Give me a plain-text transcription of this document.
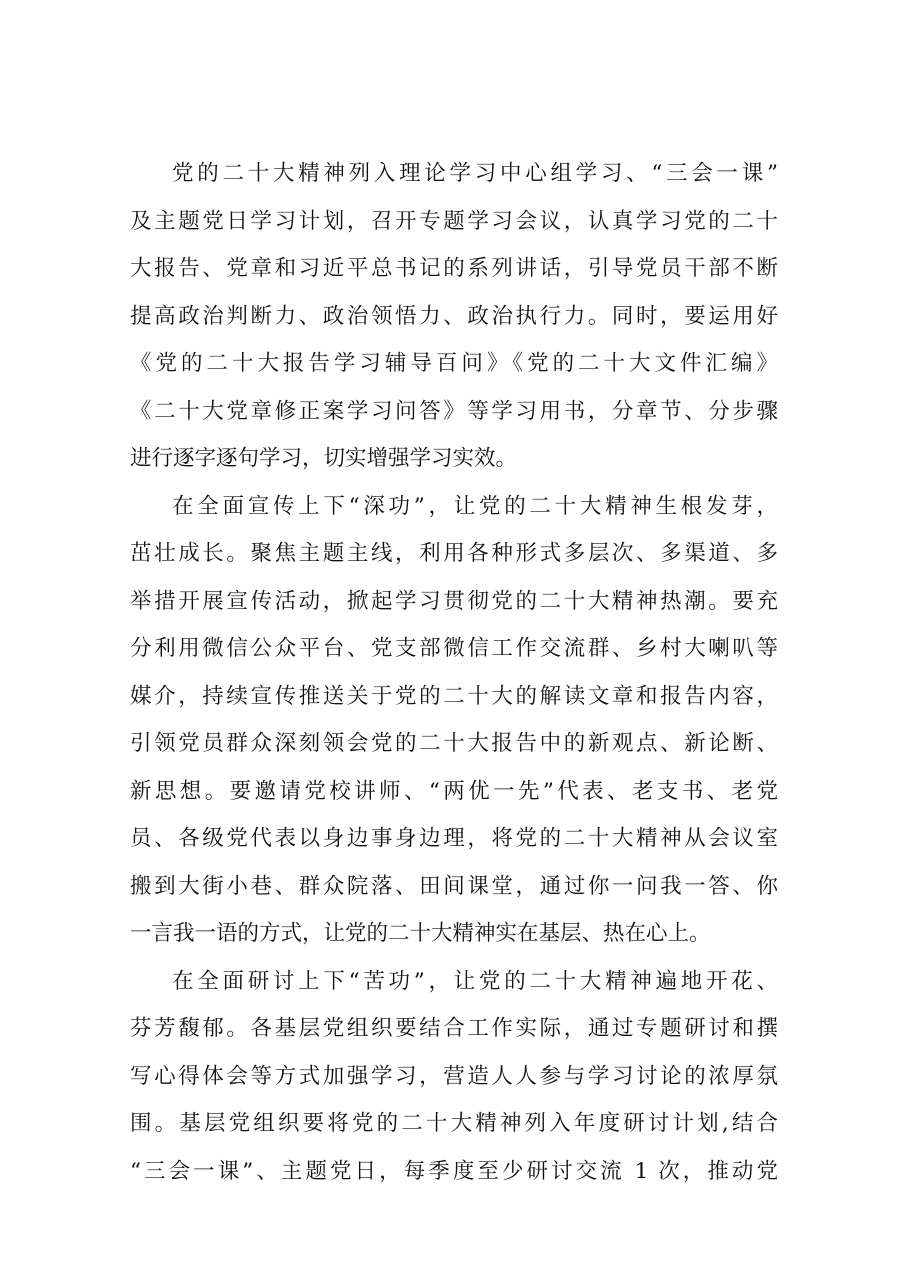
党的二十大精神列入理论学习中心组学习、“三会一课”
及主题党日学习计划，召开专题学习会议，认真学习党的二十
大报告、党章和习近平总书记的系列讲话，引导党员干部不断
提高政治判断力、政治领悟力、政治执行力。同时，要运用好
《党的二十大报告学习辅导百问》《党的二十大文件汇编》
《二十大党章修正案学习问答》等学习用书，分章节、分步骤
进行逐字逐句学习，切实增强学习实效。
在全面宣传上下“深功”，让党的二十大精神生根发芽，
茁壮成长。聚焦主题主线，利用各种形式多层次、多渠道、多
举措开展宣传活动，掀起学习贯彻党的二十大精神热潮。要充
分利用微信公众平台、党支部微信工作交流群、乡村大喇叭等
媒介，持续宣传推送关于党的二十大的解读文章和报告内容，
引领党员群众深刻领会党的二十大报告中的新观点、新论断、
新思想。要邀请党校讲师、“两优一先”代表、老支书、老党
员、各级党代表以身边事身边理，将党的二十大精神从会议室
搬到大街小巷、群众院落、田间课堂，通过你一问我一答、你
一言我一语的方式，让党的二十大精神实在基层、热在心上。
在全面研讨上下“苦功”，让党的二十大精神遍地开花、
芬芳馥郁。各基层党组织要结合工作实际，通过专题研讨和撰
写心得体会等方式加强学习，营造人人参与学习讨论的浓厚氛
围。基层党组织要将党的二十大精神列入年度研讨计划,结合
“三会一课”、主题党日，每季度至少研讨交流 1 次，推动党
